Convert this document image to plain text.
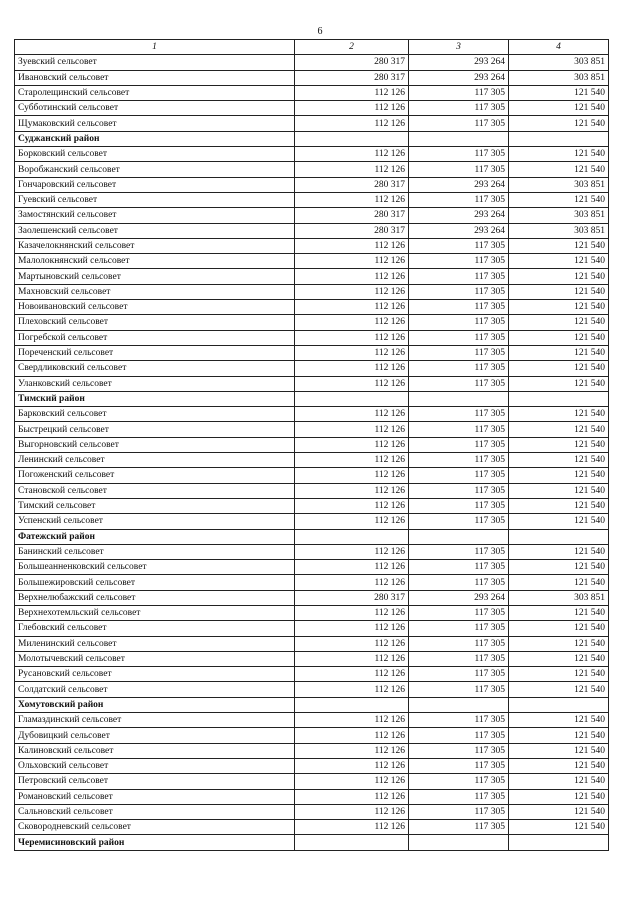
6
1	2	3	4
Зуевский сельсовет	280 317	293 264	303 851
Ивановский сельсовет	280 317	293 264	303 851
Старолещинский сельсовет	112 126	117 305	121 540
Субботинский сельсовет	112 126	117 305	121 540
Щумаковский сельсовет	112 126	117 305	121 540
Суджанский район			
Борковский сельсовет	112 126	117 305	121 540
Воробжанский сельсовет	112 126	117 305	121 540
Гончаровский сельсовет	280 317	293 264	303 851
Гуевский сельсовет	112 126	117 305	121 540
Замостянский сельсовет	280 317	293 264	303 851
Заолешенский сельсовет	280 317	293 264	303 851
Казачелокнянский сельсовет	112 126	117 305	121 540
Малолокнянский сельсовет	112 126	117 305	121 540
Мартыновский сельсовет	112 126	117 305	121 540
Махновский сельсовет	112 126	117 305	121 540
Новоивановский сельсовет	112 126	117 305	121 540
Плеховский сельсовет	112 126	117 305	121 540
Погребской сельсовет	112 126	117 305	121 540
Пореченский сельсовет	112 126	117 305	121 540
Свердликовский сельсовет	112 126	117 305	121 540
Уланковский сельсовет	112 126	117 305	121 540
Тимский район			
Барковский сельсовет	112 126	117 305	121 540
Быстрецкий сельсовет	112 126	117 305	121 540
Выгорновский сельсовет	112 126	117 305	121 540
Ленинский сельсовет	112 126	117 305	121 540
Погоженский сельсовет	112 126	117 305	121 540
Становской сельсовет	112 126	117 305	121 540
Тимский сельсовет	112 126	117 305	121 540
Успенский сельсовет	112 126	117 305	121 540
Фатежский район			
Банинский сельсовет	112 126	117 305	121 540
Большеанненковский сельсовет	112 126	117 305	121 540
Большежировский сельсовет	112 126	117 305	121 540
Верхнелюбажский сельсовет	280 317	293 264	303 851
Верхнехотемльский сельсовет	112 126	117 305	121 540
Глебовский сельсовет	112 126	117 305	121 540
Миленинский сельсовет	112 126	117 305	121 540
Молотычевский сельсовет	112 126	117 305	121 540
Русановский сельсовет	112 126	117 305	121 540
Солдатский сельсовет	112 126	117 305	121 540
Хомутовский район			
Гламаздинский сельсовет	112 126	117 305	121 540
Дубовицкий сельсовет	112 126	117 305	121 540
Калиновский сельсовет	112 126	117 305	121 540
Ольховский сельсовет	112 126	117 305	121 540
Петровский сельсовет	112 126	117 305	121 540
Романовский сельсовет	112 126	117 305	121 540
Сальновский сельсовет	112 126	117 305	121 540
Сковородневский сельсовет	112 126	117 305	121 540
Черемисиновский район			
